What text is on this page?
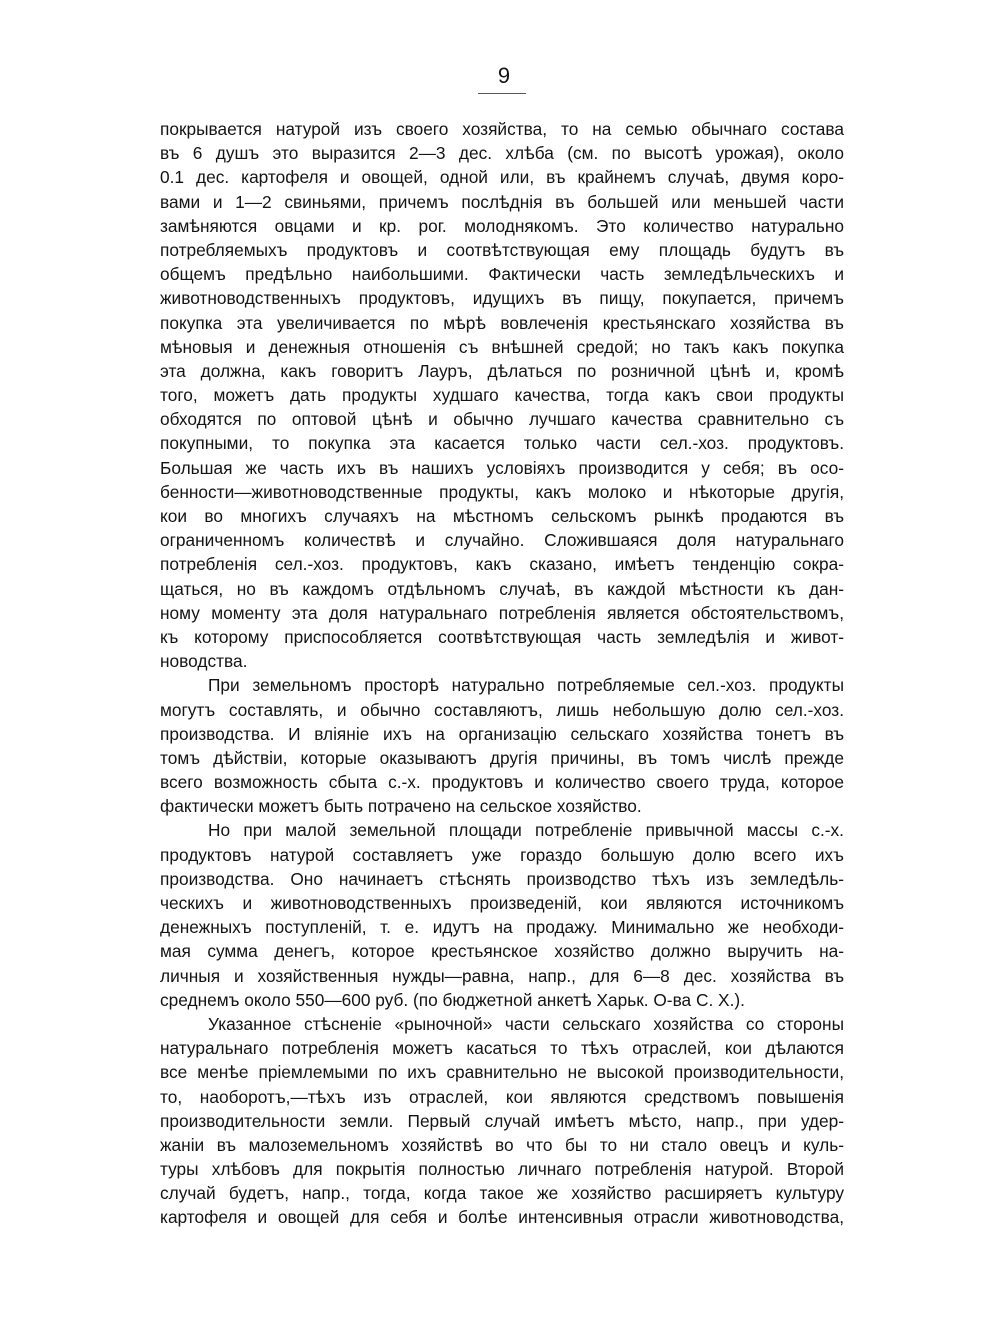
9
покрывается натурой изъ своего хозяйства, то на семью обычнаго состава
въ 6 душъ это выразится 2—3 дес. хлѣба (см. по высотѣ урожая), около
0.1 дес. картофеля и овощей, одной или, въ крайнемъ случаѣ, двумя коро-
вами и 1—2 свиньями, причемъ послѣднія въ большей или меньшей части
замѣняются овцами и кр. рог. молоднякомъ. Это количество натурально
потребляемыхъ продуктовъ и соотвѣтствующая ему площадь будутъ въ
общемъ предѣльно наибольшими. Фактически часть земледѣльческихъ и
животноводственныхъ продуктовъ, идущихъ въ пищу, покупается, причемъ
покупка эта увеличивается по мѣрѣ вовлеченія крестьянскаго хозяйства въ
мѣновыя и денежныя отношенія съ внѣшней средой; но такъ какъ покупка
эта должна, какъ говоритъ Лауръ, дѣлаться по розничной цѣнѣ и, кромѣ
того, можетъ дать продукты худшаго качества, тогда какъ свои продукты
обходятся по оптовой цѣнѣ и обычно лучшаго качества сравнительно съ
покупными, то покупка эта касается только части сел.-хоз. продуктовъ.
Большая же часть ихъ въ нашихъ условіяхъ производится у себя; въ осо-
бенности—животноводственные продукты, какъ молоко и нѣкоторые другія,
кои во многихъ случаяхъ на мѣстномъ сельскомъ рынкѣ продаются въ
ограниченномъ количествѣ и случайно. Сложившаяся доля натуральнаго
потребленія сел.-хоз. продуктовъ, какъ сказано, имѣетъ тенденцію сокра-
щаться, но въ каждомъ отдѣльномъ случаѣ, въ каждой мѣстности къ дан-
ному моменту эта доля натуральнаго потребленія является обстоятельствомъ,
къ которому приспособляется соотвѣтствующая часть земледѣлія и живот-
новодства.
При земельномъ просторѣ натурально потребляемые сел.-хоз. продукты
могутъ составлять, и обычно составляютъ, лишь небольшую долю сел.-хоз.
производства. И вліяніе ихъ на организацію сельскаго хозяйства тонетъ въ
томъ дѣйствіи, которые оказываютъ другія причины, въ томъ числѣ прежде
всего возможность сбыта с.-х. продуктовъ и количество своего труда, которое
фактически можетъ быть потрачено на сельское хозяйство.
Но при малой земельной площади потребленіе привычной массы с.-х.
продуктовъ натурой составляетъ уже гораздо большую долю всего ихъ
производства. Оно начинаетъ стѣснять производство тѣхъ изъ земледѣль-
ческихъ и животноводственныхъ произведеній, кои являются источникомъ
денежныхъ поступленій, т. е. идутъ на продажу. Минимально же необходи-
мая сумма денегъ, которое крестьянское хозяйство должно выручить на-
личныя и хозяйственныя нужды—равна, напр., для 6—8 дес. хозяйства въ
среднемъ около 550—600 руб. (по бюджетной анкетѣ Харьк. О-ва С. Х.).
Указанное стѣсненіе «рыночной» части сельскаго хозяйства со стороны
натуральнаго потребленія можетъ касаться то тѣхъ отраслей, кои дѣлаются
все менѣе пріемлемыми по ихъ сравнительно не высокой производительности,
то, наоборотъ,—тѣхъ изъ отраслей, кои являются средствомъ повышенія
производительности земли. Первый случай имѣетъ мѣсто, напр., при удер-
жаніи въ малоземельномъ хозяйствѣ во что бы то ни стало овецъ и куль-
туры хлѣбовъ для покрытія полностью личнаго потребленія натурой. Второй
случай будетъ, напр., тогда, когда такое же хозяйство расширяетъ культуру
картофеля и овощей для себя и болѣе интенсивныя отрасли животноводства,
